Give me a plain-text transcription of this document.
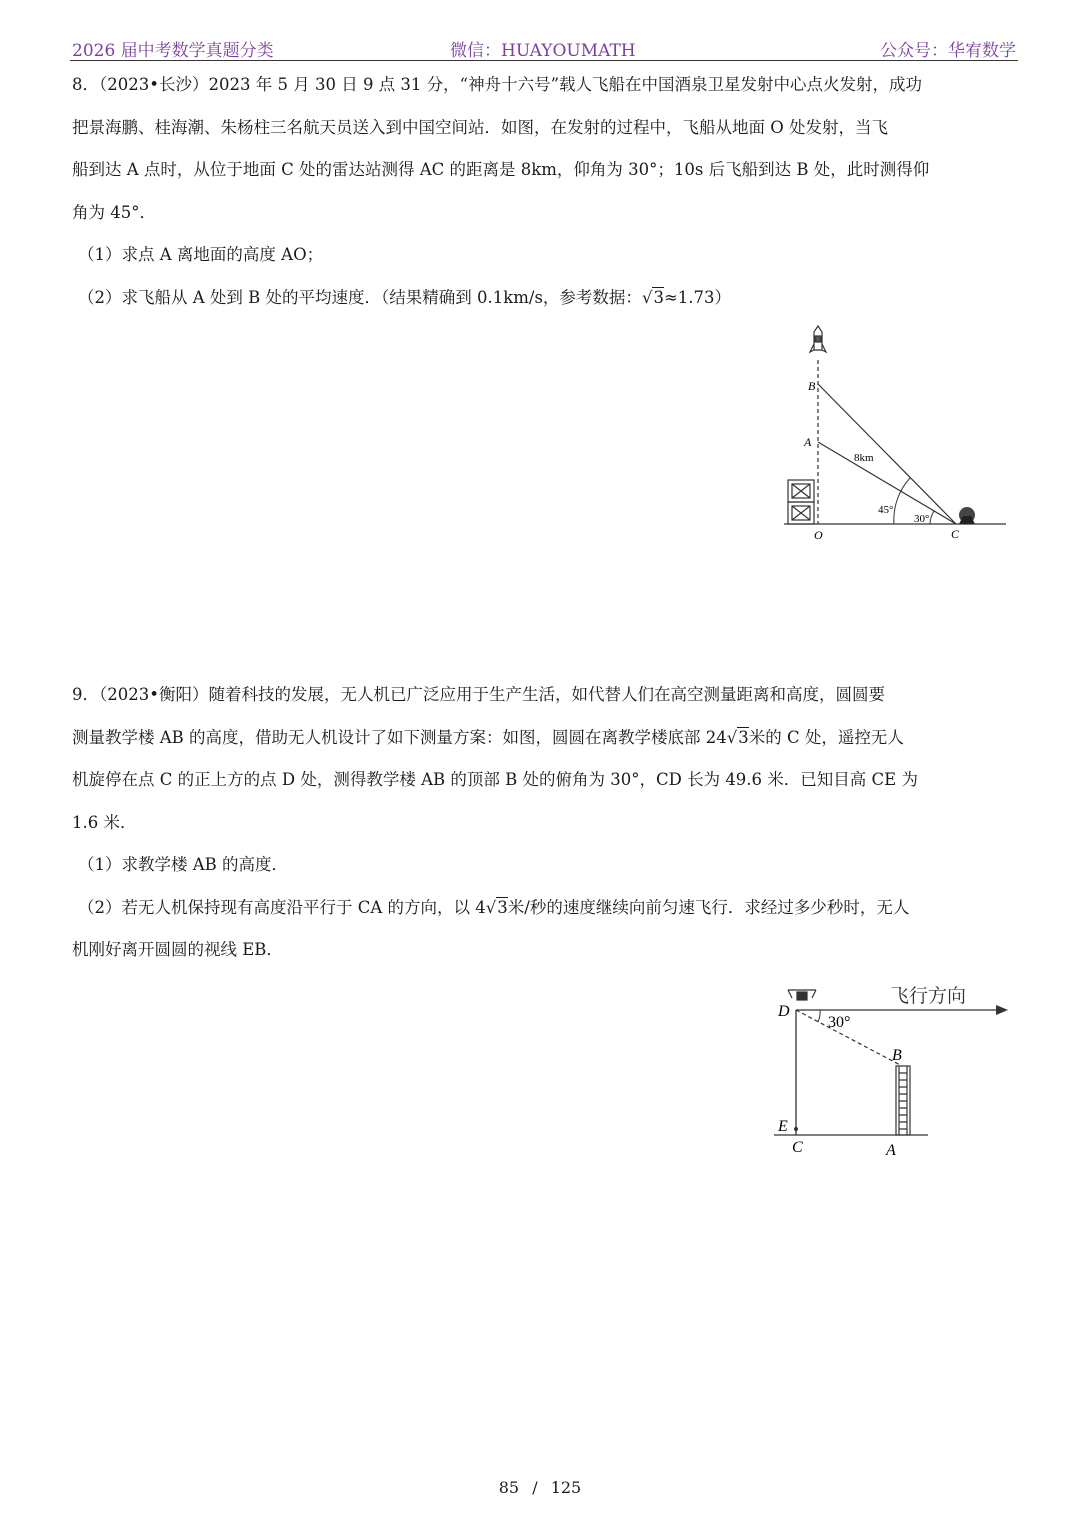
2026 届中考数学真题分类	微信：HUAYOUMATH	公众号：华宥数学

8．（2023•长沙）2023 年 5 月 30 日 9 点 31 分，“神舟十六号”载人飞船在中国酒泉卫星发射中心点火发射，成功

把景海鹏、桂海潮、朱杨柱三名航天员送入到中国空间站．如图，在发射的过程中，飞船从地面 O 处发射，当飞

船到达 A 点时，从位于地面 C 处的雷达站测得 AC 的距离是 8km，仰角为 30°；10s 后飞船到达 B 处，此时测得仰

角为 45°．

（1）求点 A 离地面的高度 AO；

（2）求飞船从 A 处到 B 处的平均速度．（结果精确到 0.1km/s，参考数据：√3≈1.73）

B
A
O	C
8km
45°
30°

9．（2023•衡阳）随着科技的发展，无人机已广泛应用于生产生活，如代替人们在高空测量距离和高度，圆圆要

测量教学楼 AB 的高度，借助无人机设计了如下测量方案：如图，圆圆在离教学楼底部 24√3米的 C 处，遥控无人

机旋停在点 C 的正上方的点 D 处，测得教学楼 AB 的顶部 B 处的俯角为 30°，CD 长为 49.6 米．已知目高 CE 为

1.6 米．

（1）求教学楼 AB 的高度．

（2）若无人机保持现有高度沿平行于 CA 的方向，以 4√3米/秒的速度继续向前匀速飞行．求经过多少秒时，无人

机刚好离开圆圆的视线 EB．

D
30°
B
E
C	A
飞行方向
85 / 125
